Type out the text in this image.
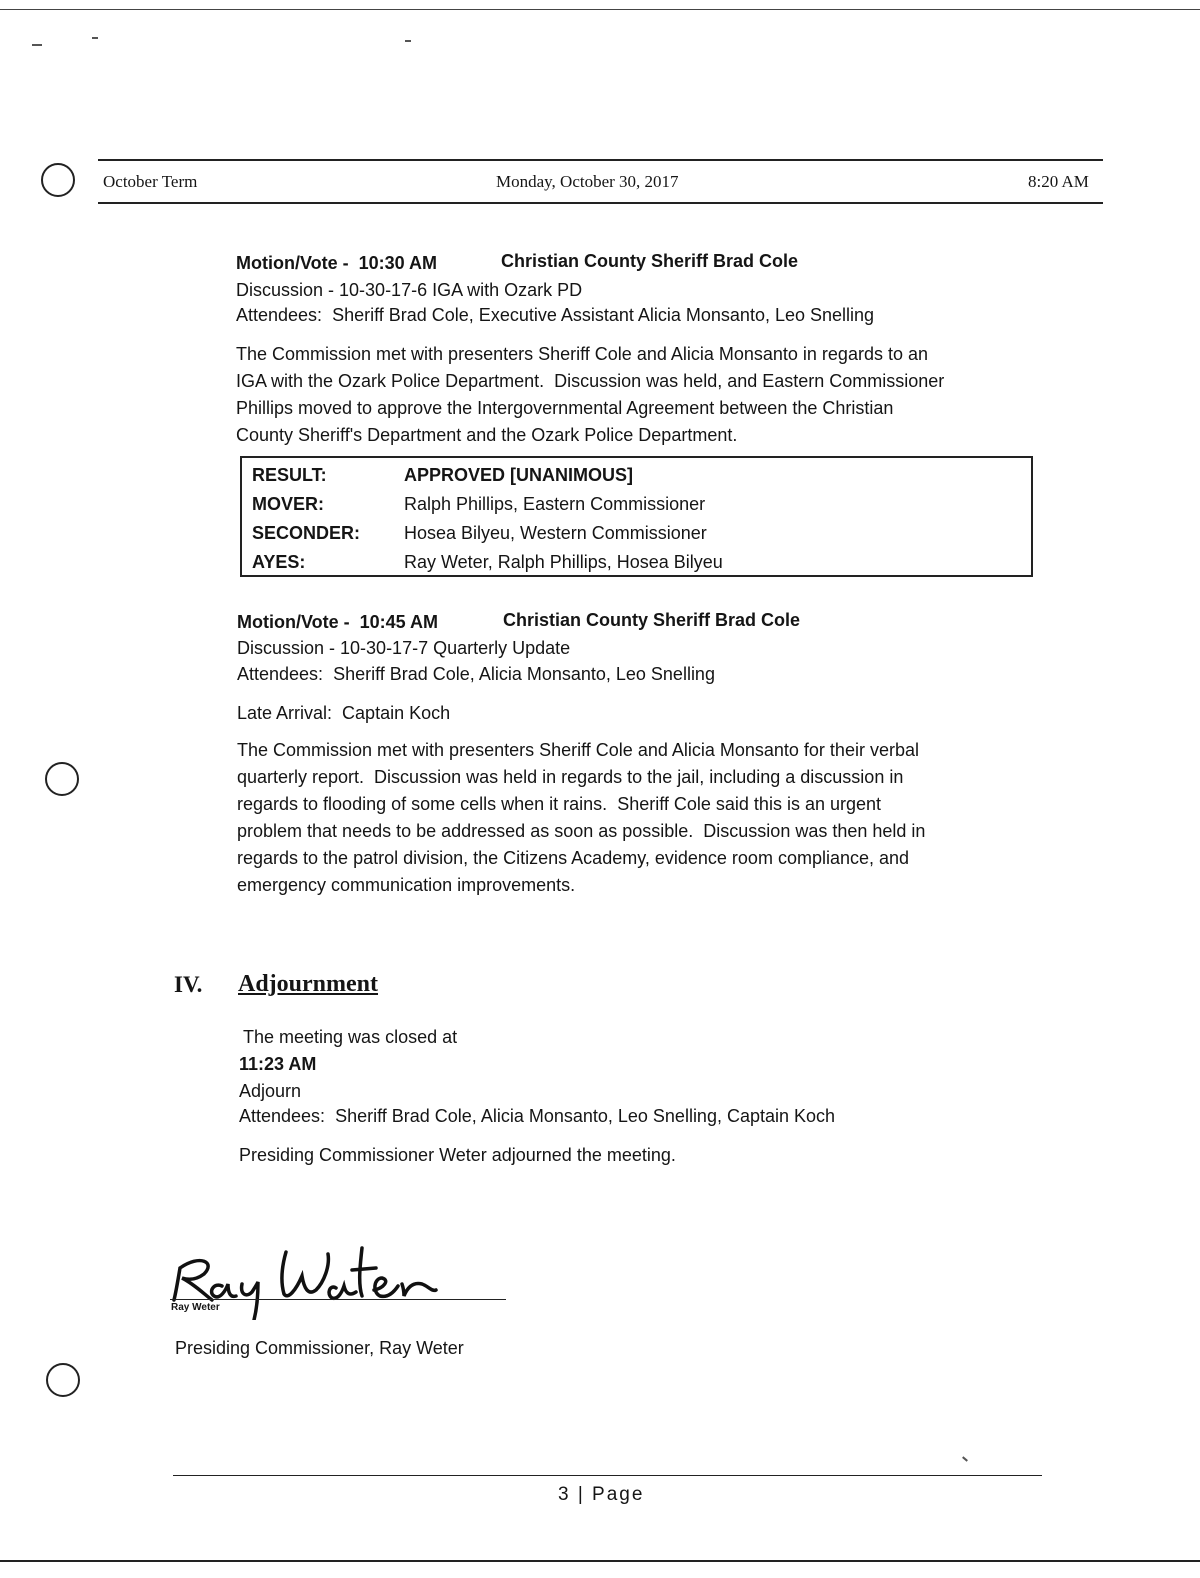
October Term	Monday, October 30, 2017	8:20 AM
Motion/Vote -  10:30 AM	Christian County Sheriff Brad Cole
Discussion - 10-30-17-6 IGA with Ozark PD
Attendees:  Sheriff Brad Cole, Executive Assistant Alicia Monsanto, Leo Snelling
The Commission met with presenters Sheriff Cole and Alicia Monsanto in regards to an
IGA with the Ozark Police Department.  Discussion was held, and Eastern Commissioner
Phillips moved to approve the Intergovernmental Agreement between the Christian
County Sheriff's Department and the Ozark Police Department.
RESULT:	APPROVED [UNANIMOUS]
MOVER:	Ralph Phillips, Eastern Commissioner
SECONDER:	Hosea Bilyeu, Western Commissioner
AYES:	Ray Weter, Ralph Phillips, Hosea Bilyeu
Motion/Vote -  10:45 AM	Christian County Sheriff Brad Cole
Discussion - 10-30-17-7 Quarterly Update
Attendees:  Sheriff Brad Cole, Alicia Monsanto, Leo Snelling
Late Arrival:  Captain Koch
The Commission met with presenters Sheriff Cole and Alicia Monsanto for their verbal
quarterly report.  Discussion was held in regards to the jail, including a discussion in
regards to flooding of some cells when it rains.  Sheriff Cole said this is an urgent
problem that needs to be addressed as soon as possible.  Discussion was then held in
regards to the patrol division, the Citizens Academy, evidence room compliance, and
emergency communication improvements.
IV. Adjournment
The meeting was closed at
11:23 AM
Adjourn
Attendees:  Sheriff Brad Cole, Alicia Monsanto, Leo Snelling, Captain Koch
Presiding Commissioner Weter adjourned the meeting.
Ray Weter
Presiding Commissioner, Ray Weter
3 | Page
